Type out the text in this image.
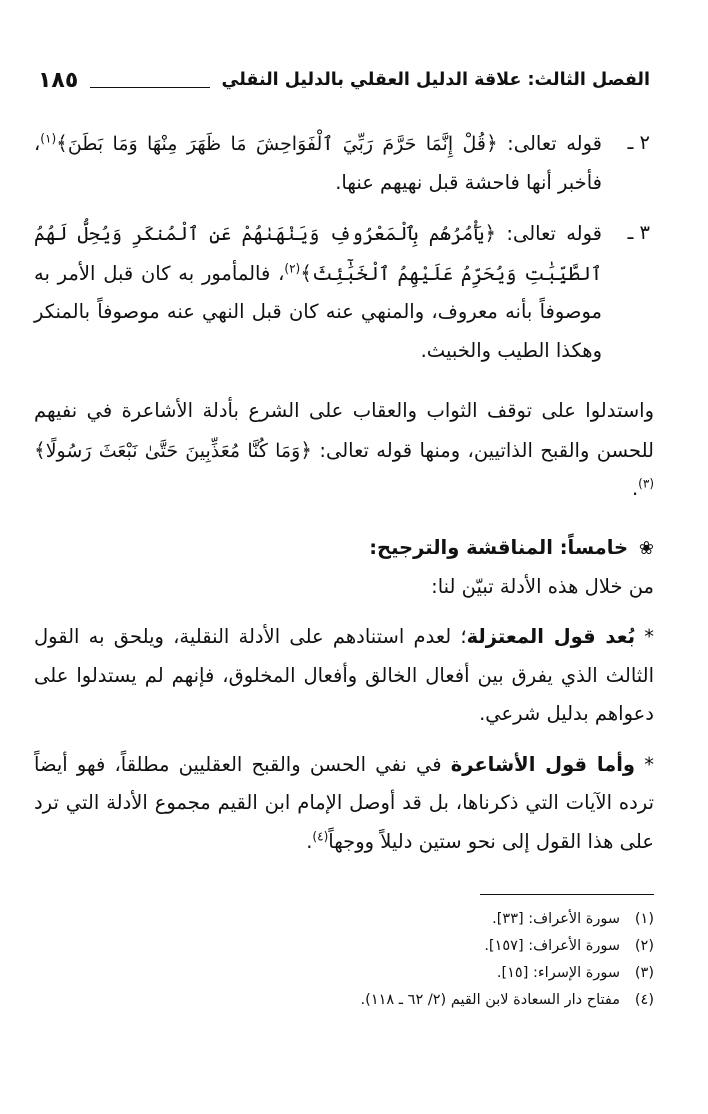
الفصل الثالث: علاقة الدليل العقلي بالدليل النقلي
١٨٥

٢ ـ
قوله تعالى: ﴿قُلْ إِنَّمَا حَرَّمَ رَبِّيَ ٱلْفَوَاحِشَ مَا ظَهَرَ مِنْهَا وَمَا بَطَنَ﴾$^{(١)}$، فأخبر أنها فاحشة قبل نهيهم عنها.

٣ ـ
قوله تعالى: ﴿يَأْمُرُهُم بِٱلْمَعْرُوفِ وَيَنْهَىٰهُمْ عَنِ ٱلْمُنكَرِ وَيُحِلُّ لَهُمُ ٱلطَّيِّبَٰتِ وَيُحَرِّمُ عَلَيْهِمُ ٱلْخَبَٰٓئِثَ﴾$^{(٢)}$، فالمأمور به كان قبل الأمر به موصوفاً بأنه معروف، والمنهي عنه كان قبل النهي عنه موصوفاً بالمنكر وهكذا الطيب والخبيث.

واستدلوا على توقف الثواب والعقاب على الشرع بأدلة الأشاعرة في نفيهم للحسن والقبح الذاتيين، ومنها قوله تعالى: ﴿وَمَا كُنَّا مُعَذِّبِينَ حَتَّىٰ نَبْعَثَ رَسُولًا﴾$^{(٣)}$.

❀ خامساً: المناقشة والترجيح:

من خلال هذه الأدلة تبيّن لنا:

* بُعد قول المعتزلة؛ لعدم استنادهم على الأدلة النقلية، ويلحق به القول الثالث الذي يفرق بين أفعال الخالق وأفعال المخلوق، فإنهم لم يستدلوا على دعواهم بدليل شرعي.

* وأما قول الأشاعرة في نفي الحسن والقبح العقليين مطلقاً، فهو أيضاً ترده الآيات التي ذكرناها، بل قد أوصل الإمام ابن القيم مجموع الأدلة التي ترد على هذا القول إلى نحو ستين دليلاً ووجهاً$^{(٤)}$.

(١)سورة الأعراف: [٣٣].
(٢)سورة الأعراف: [١٥٧].
(٣)سورة الإسراء: [١٥].
(٤)مفتاح دار السعادة لابن القيم (٢/ ٦٢ ـ ١١٨).
